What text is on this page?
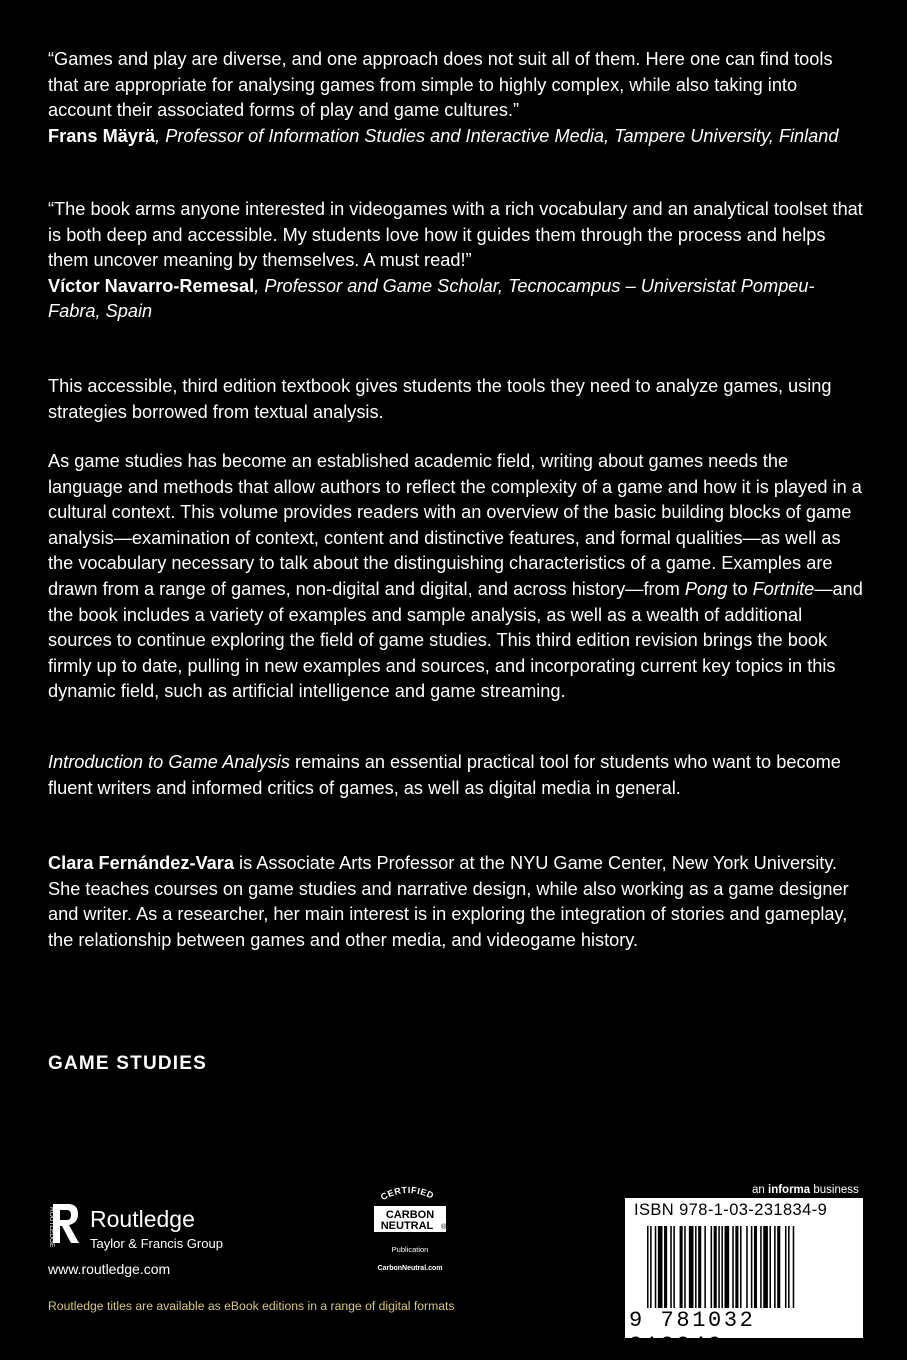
“Games and play are diverse, and one approach does not suit all of them. Here one can find tools that are appropriate for analysing games from simple to highly complex, while also taking into account their associated forms of play and game cultures.”
Frans Mäyrä, Professor of Information Studies and Interactive Media, Tampere University, Finland

“The book arms anyone interested in videogames with a rich vocabulary and an analytical toolset that is both deep and accessible. My students love how it guides them through the process and helps them uncover meaning by themselves. A must read!”
Víctor Navarro-Remesal, Professor and Game Scholar, Tecnocampus – Universistat Pompeu-Fabra, Spain

This accessible, third edition textbook gives students the tools they need to analyze games, using strategies borrowed from textual analysis.

As game studies has become an established academic field, writing about games needs the language and methods that allow authors to reflect the complexity of a game and how it is played in a cultural context. This volume provides readers with an overview of the basic building blocks of game analysis—examination of context, content and distinctive features, and formal qualities—as well as the vocabulary necessary to talk about the distinguishing characteristics of a game. Examples are drawn from a range of games, non-digital and digital, and across history—from Pong to Fortnite—and the book includes a variety of examples and sample analysis, as well as a wealth of additional sources to continue exploring the field of game studies. This third edition revision brings the book firmly up to date, pulling in new examples and sources, and incorporating current key topics in this dynamic field, such as artificial intelligence and game streaming.

Introduction to Game Analysis remains an essential practical tool for students who want to become fluent writers and informed critics of games, as well as digital media in general.

Clara Fernández-Vara is Associate Arts Professor at the NYU Game Center, New York University. She teaches courses on game studies and narrative design, while also working as a game designer and writer. As a researcher, her main interest is in exploring the integration of stories and gameplay, the relationship between games and other media, and videogame history.

GAME STUDIES
ROUTLEDGE Routledge
Taylor & Francis Group
www.routledge.com
Routledge titles are available as eBook editions in a range of digital formats
CERTIFIED
CARBON
NEUTRAL ®
Publication
CarbonNeutral.com
an informa business
ISBN 978-1-03-231834-9
9 781032 318349
